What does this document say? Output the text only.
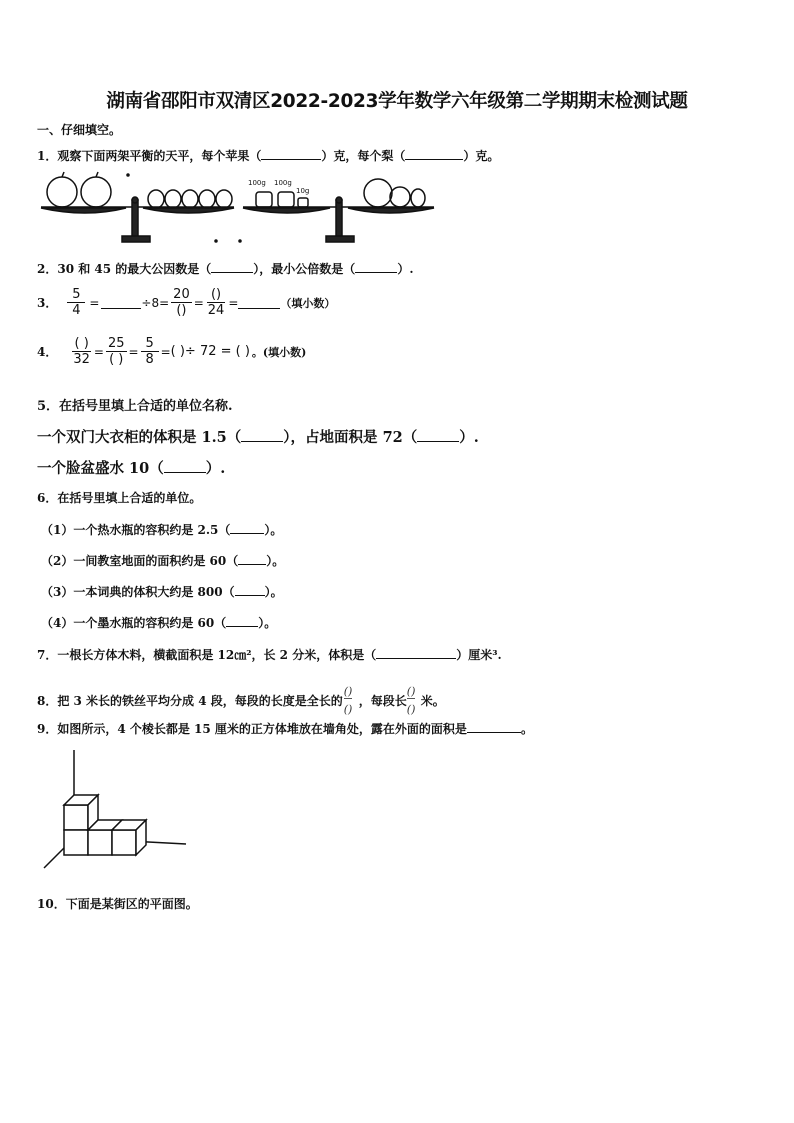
湖南省邵阳市双清区2022-2023学年数学六年级第二学期期末检测试题
一、仔细填空。
1．观察下面两架平衡的天平，每个苹果（	）克，每个梨（	）克。
100g 100g
10g
2．30 和 45 的最大公因数是（	），最小公倍数是（	）.
3． $\frac{5}{4}$ =	$\div 8= \frac{20}{()} = \frac{()}{24}$ =	（填小数）
4． $\frac{( )}{32} = \frac{25}{( )} = \frac{5}{8}$ = ( )÷ 72 = ( ) 。(填小数)
5．在括号里填上合适的单位名称.
一个双门大衣柜的体积是 1.5（	），占地面积是 72（	）.
一个脸盆盛水 10（	）.
6．在括号里填上合适的单位。
（1）一个热水瓶的容积约是 2.5（	）。
（2）一间教室地面的面积约是 60（ ）。
（3）一本词典的体积大约是 800（	）。
（4）一个墨水瓶的容积约是 60（	）。
7．一根长方体木料，横截面积是 12㎝²，长 2 分米，体积是（	）厘米³.
8．把 3 米长的铁丝平均分成 4 段，每段的长度是全长的
()
()
，每段长
()
()
米。
9．如图所示，4 个棱长都是 15 厘米的正方体堆放在墙角处，露在外面的面积是	。
10．下面是某街区的平面图。
